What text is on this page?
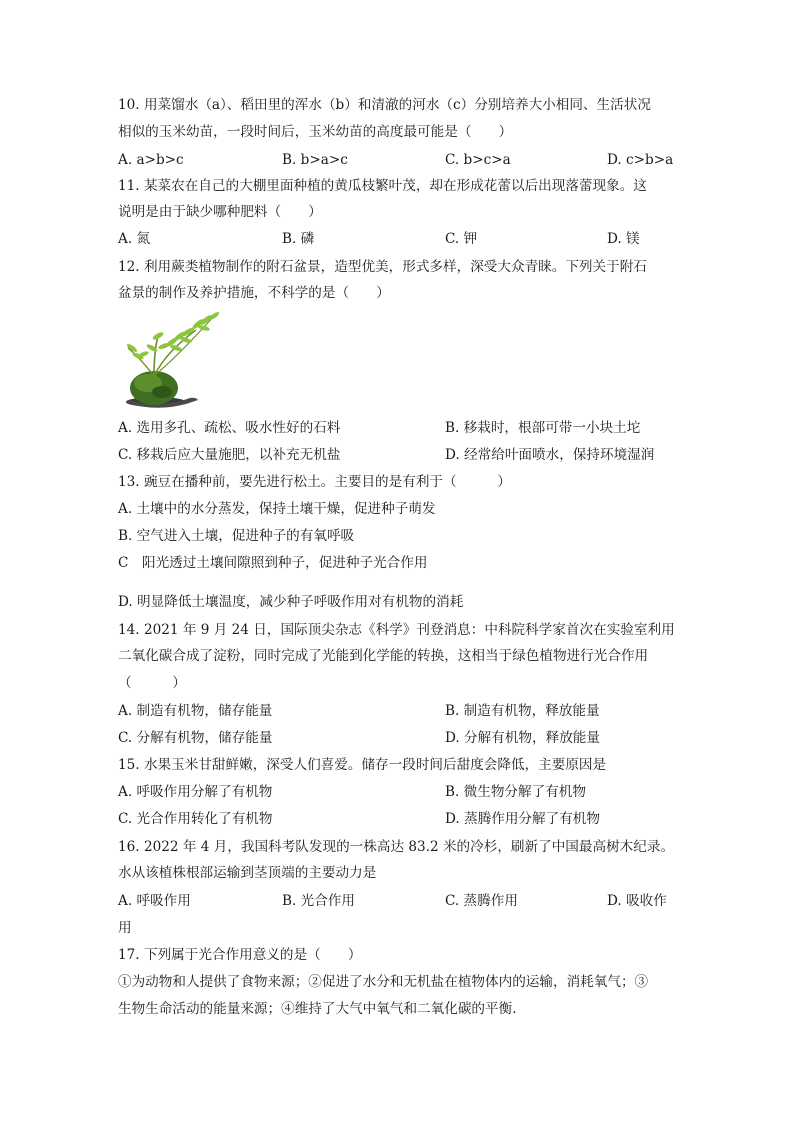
10. 用菜馏水（a）、稻田里的浑水（b）和清澈的河水（c）分别培养大小相同、生活状况
相似的玉米幼苗，一段时间后，玉米幼苗的高度最可能是（　　）
A. a>b>c	B. b>a>c	C. b>c>a	D. c>b>a
11. 某菜农在自己的大棚里面种植的黄瓜枝繁叶茂，却在形成花蕾以后出现落蕾现象。这
说明是由于缺少哪种肥料（　　）
A. 氮	B. 磷	C. 钾	D. 镁
12. 利用蕨类植物制作的附石盆景，造型优美，形式多样，深受大众青睐。下列关于附石
盆景的制作及养护措施，不科学的是（　　）
A. 选用多孔、疏松、吸水性好的石料	B. 移栽时，根部可带一小块土坨
C. 移栽后应大量施肥，以补充无机盐	D. 经常给叶面喷水，保持环境湿润
13. 豌豆在播种前，要先进行松土。主要目的是有利于（　　　）
A. 土壤中的水分蒸发，保持土壤干燥，促进种子萌发
B. 空气进入土壤，促进种子的有氧呼吸
C　阳光透过土壤间隙照到种子，促进种子光合作用
D. 明显降低土壤温度，减少种子呼吸作用对有机物的消耗
14. 2021 年 9 月 24 日，国际顶尖杂志《科学》刊登消息：中科院科学家首次在实验室利用
二氧化碳合成了淀粉，同时完成了光能到化学能的转换，这相当于绿色植物进行光合作用
（　　　）
A. 制造有机物，储存能量	B. 制造有机物，释放能量
C. 分解有机物，储存能量	D. 分解有机物，释放能量
15. 水果玉米甘甜鲜嫩，深受人们喜爱。储存一段时间后甜度会降低，主要原因是
A. 呼吸作用分解了有机物	B. 微生物分解了有机物
C. 光合作用转化了有机物	D. 蒸腾作用分解了有机物
16. 2022 年 4 月，我国科考队发现的一株高达 83.2 米的冷杉，刷新了中国最高树木纪录。
水从该植株根部运输到茎顶端的主要动力是
A. 呼吸作用	B. 光合作用	C. 蒸腾作用	D. 吸收作
用
17. 下列属于光合作用意义的是（　　）
①为动物和人提供了食物来源；②促进了水分和无机盐在植物体内的运输，消耗氧气；③
生物生命活动的能量来源；④维持了大气中氧气和二氧化碳的平衡．
